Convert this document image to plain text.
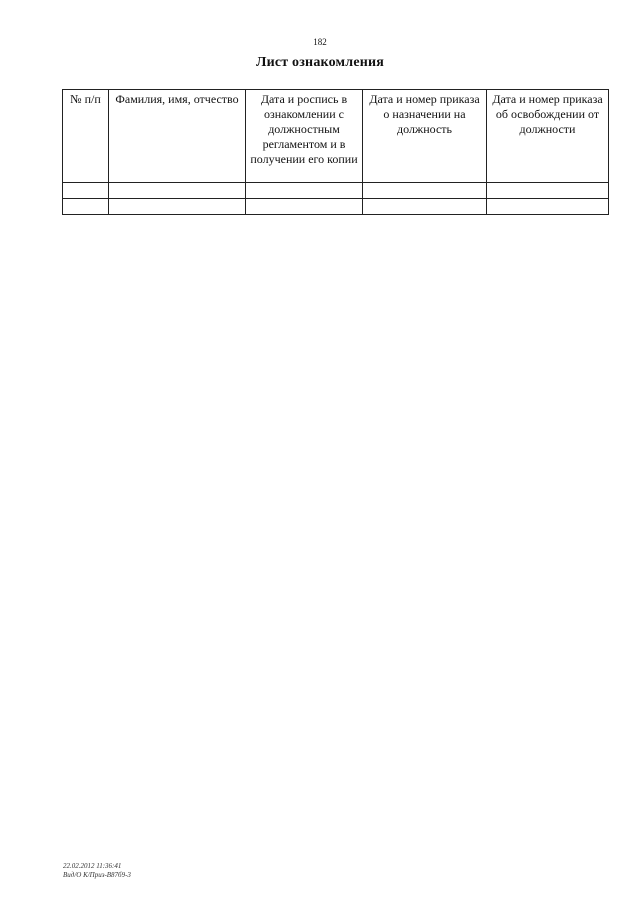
182
Лист ознакомления
№ п/п	Фамилия, имя, отчество	Дата и роспись в ознакомлении с должностным регламентом и в получении его копии	Дата и номер приказа о назначении на должность	Дата и номер приказа об освобождении от должности

22.02.2012 11:36:41
Вид/О К/Приз-В87б9-3
